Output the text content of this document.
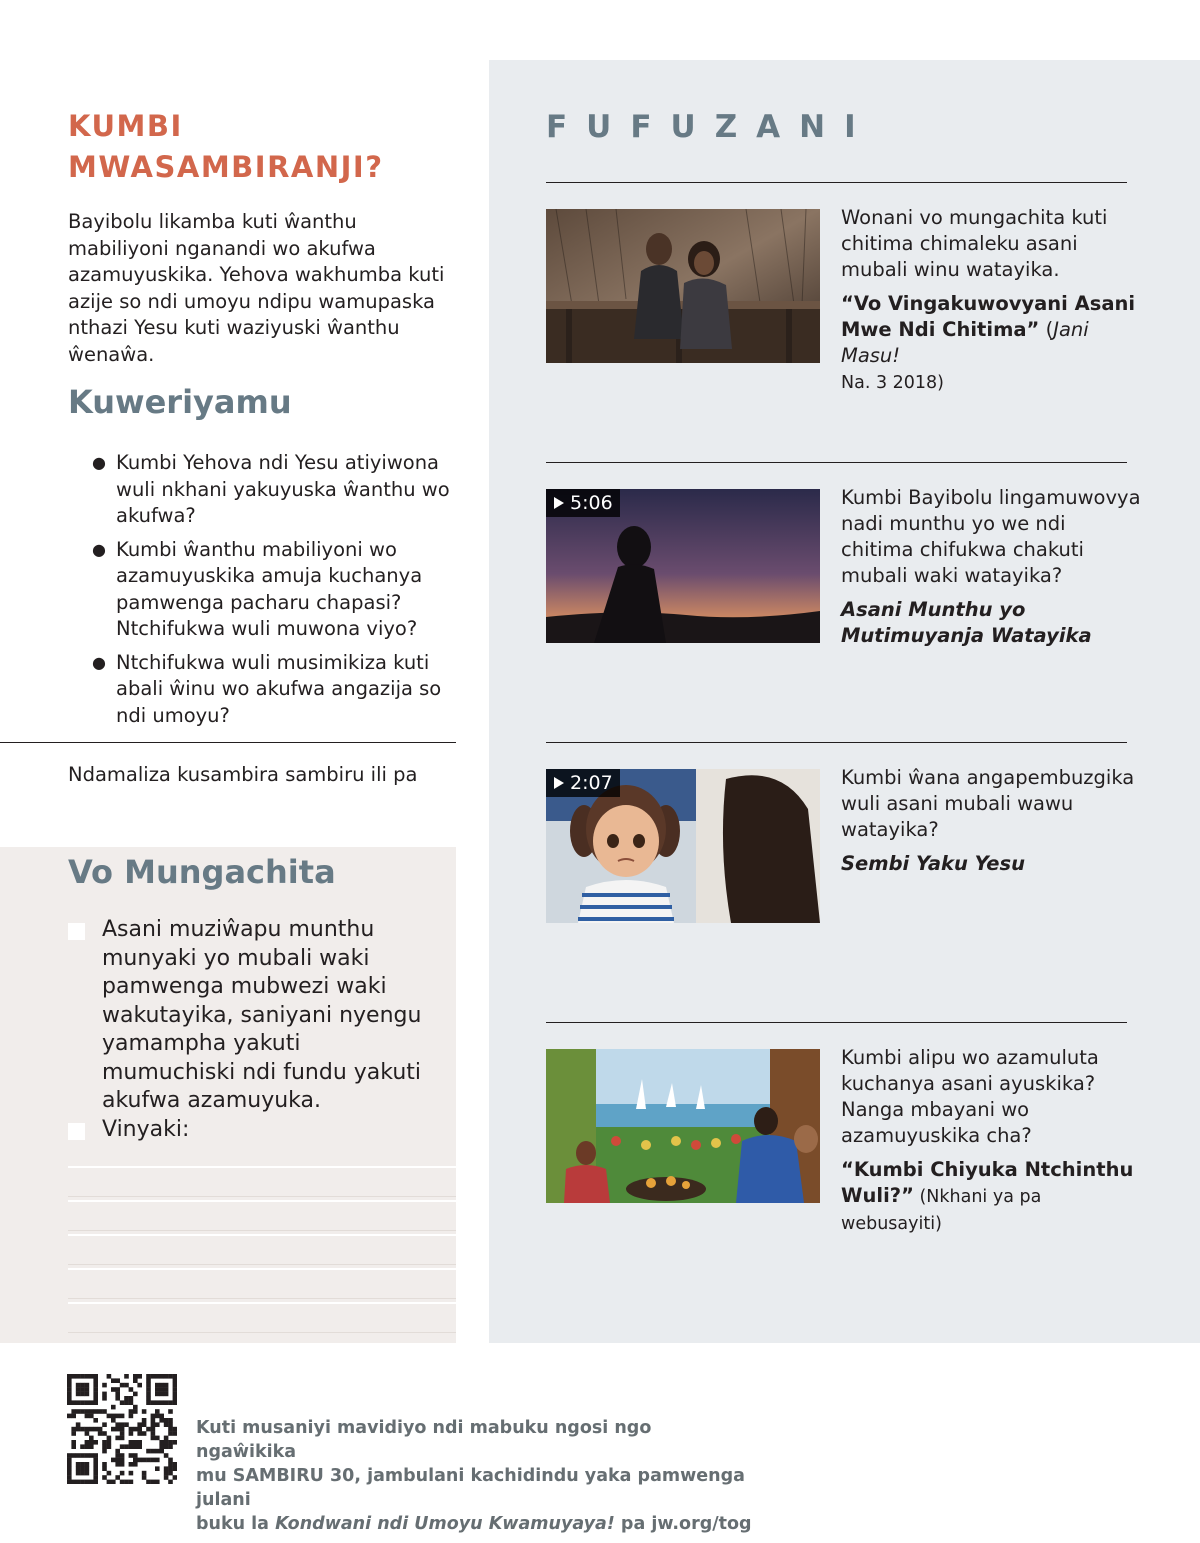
KUMBI
MWASAMBIRANJI?

Bayibolu likamba kuti ŵanthu mabiliyoni nganandi wo akufwa azamuyuskika. Yehova wakhumba kuti azije so ndi umoyu ndipu wamupaska nthazi Yesu kuti waziyuski ŵanthu ŵenaŵa.

Kuweriyamu
● Kumbi Yehova ndi Yesu atiyiwona wuli nkhani yakuyuska ŵanthu wo akufwa?
● Kumbi ŵanthu mabiliyoni wo azamuyuskika amuja kuchanya pamwenga pacharu chapasi? Ntchifukwa wuli muwona viyo?
● Ntchifukwa wuli musimikiza kuti abali ŵinu wo akufwa angazija so ndi umoyu?
Ndamaliza kusambira sambiru ili pa
Vo Mungachita
Asani muziŵapu munthu munyaki yo mubali waki pamwenga mubwezi waki wakutayika, saniyani nyengu yamampha yakuti mumuchiski ndi fundu yakuti akufwa azamuyuka.
Vinyaki:
FUFUZANI
5:06
2:07

Wonani vo mungachita kuti chitima chimaleku asani mubali winu watayika.

“Vo Vingakuwovyani Asani Mwe Ndi Chitima” (Jani Masu!
Na. 3 2018)

Kumbi Bayibolu lingamuwovya nadi munthu yo we ndi chitima chifukwa chakuti mubali waki watayika?

Asani Munthu yo Mutimuyanja Watayika

Kumbi ŵana angapembuzgika wuli asani mubali wawu watayika?

Sembi Yaku Yesu

Kumbi alipu wo azamuluta kuchanya asani ayuskika? Nanga mbayani wo azamuyuskika cha?

“Kumbi Chiyuka Ntchinthu Wuli?” (Nkhani ya pa webusayiti)

Kuti musaniyi mavidiyo ndi mabuku ngosi ngo ngaŵikika
mu SAMBIRU 30, jambulani kachidindu yaka pamwenga julani
buku la Kondwani ndi Umoyu Kwamuyaya! pa jw.org/tog
